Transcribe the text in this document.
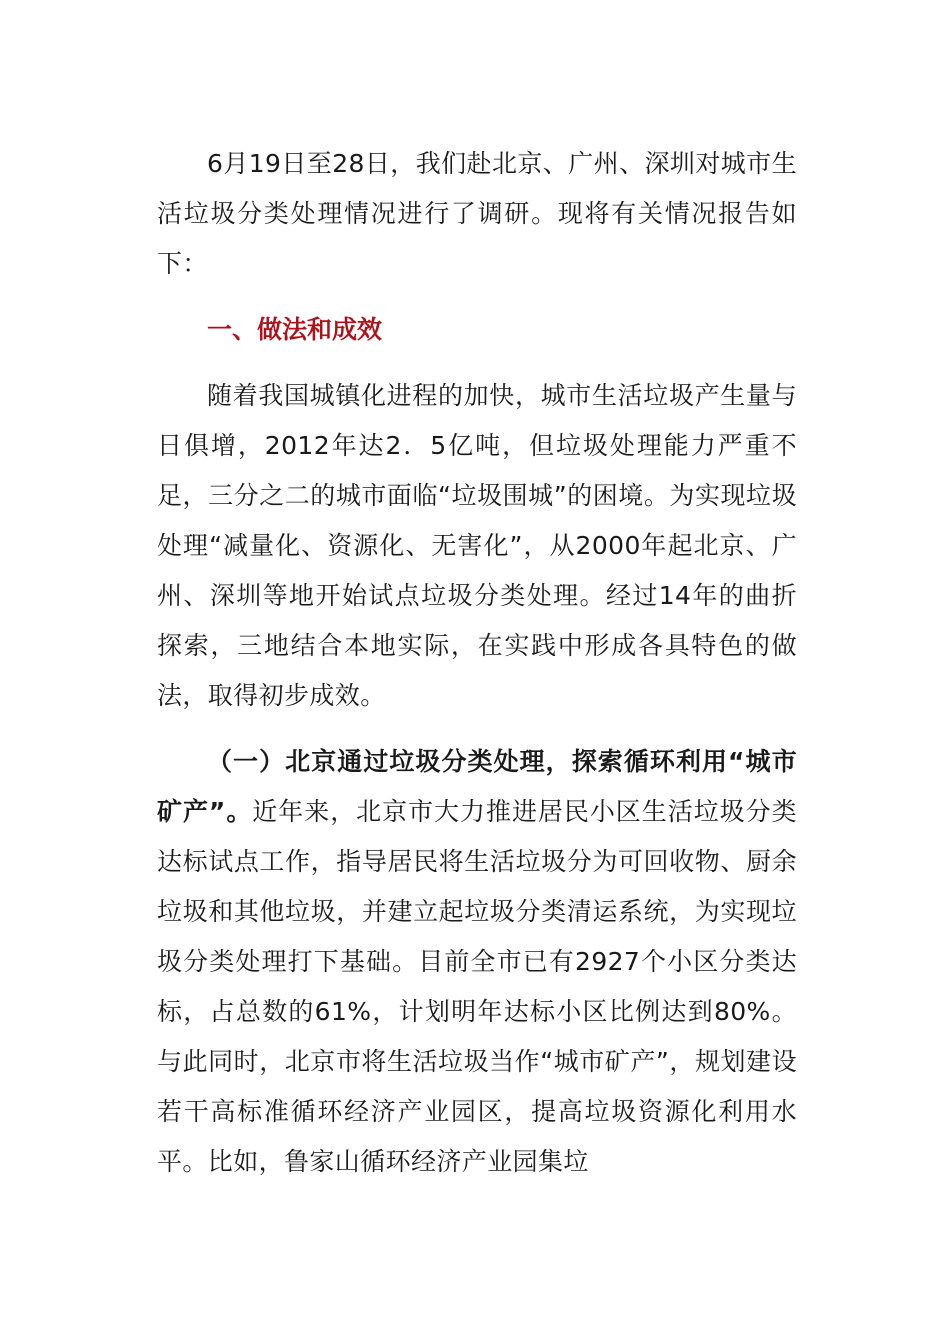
6月19日至28日，我们赴北京、广州、深圳对城市生活垃圾分类处理情况进行了调研。现将有关情况报告如下：

一、做法和成效

随着我国城镇化进程的加快，城市生活垃圾产生量与日俱增，2012年达2．5亿吨，但垃圾处理能力严重不足，三分之二的城市面临“垃圾围城”的困境。为实现垃圾处理“减量化、资源化、无害化”，从2000年起北京、广州、深圳等地开始试点垃圾分类处理。经过14年的曲折探索，三地结合本地实际，在实践中形成各具特色的做法，取得初步成效。

（一）北京通过垃圾分类处理，探索循环利用“城市矿产”。近年来，北京市大力推进居民小区生活垃圾分类达标试点工作，指导居民将生活垃圾分为可回收物、厨余垃圾和其他垃圾，并建立起垃圾分类清运系统，为实现垃圾分类处理打下基础。目前全市已有2927个小区分类达标，占总数的61%，计划明年达标小区比例达到80%。与此同时，北京市将生活垃圾当作“城市矿产”，规划建设若干高标准循环经济产业园区，提高垃圾资源化利用水平。比如，鲁家山循环经济产业园集垃
